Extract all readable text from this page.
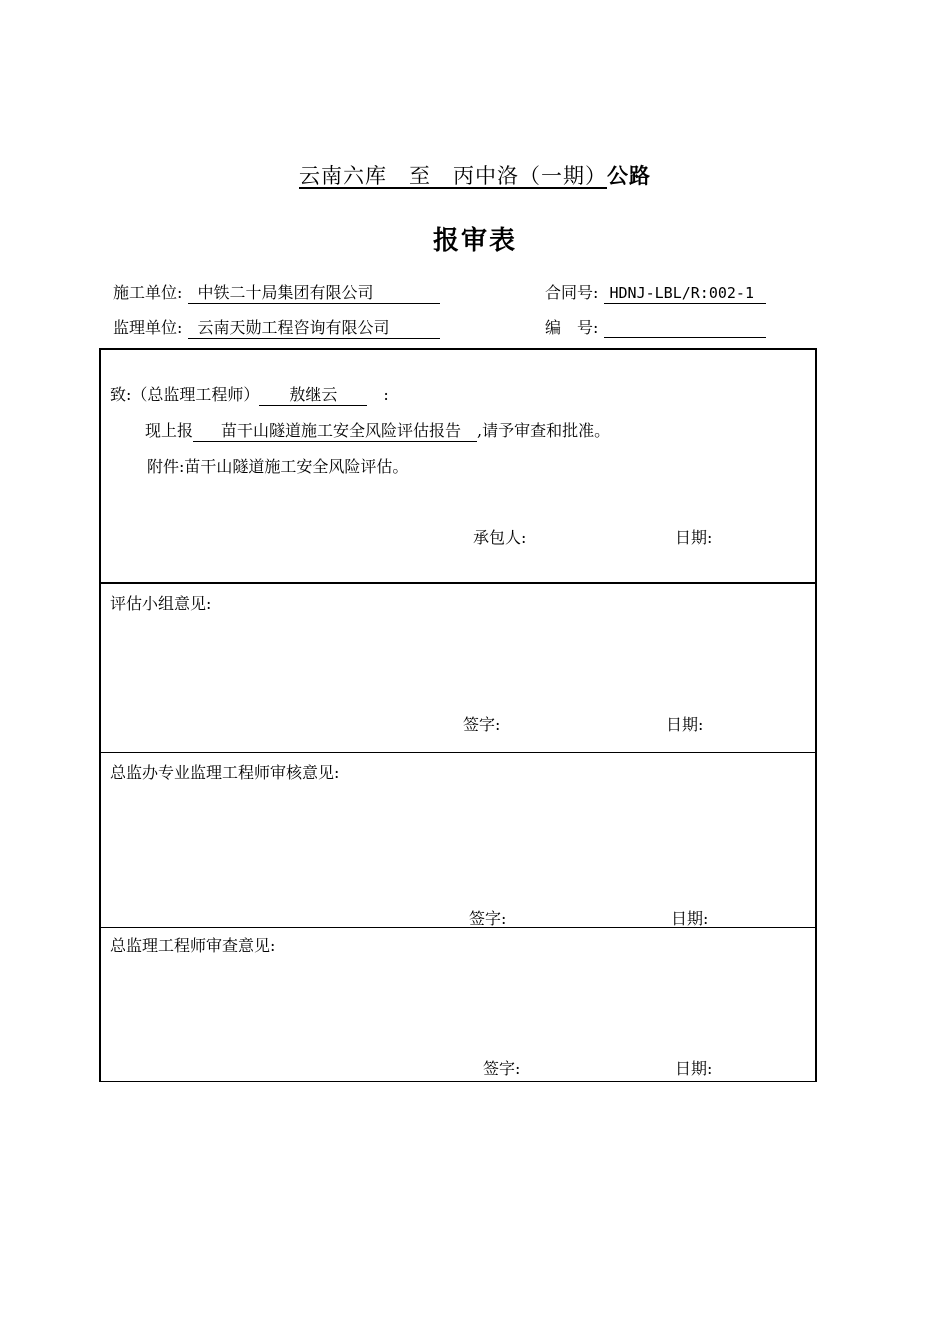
云南六库　 至　 丙中洛（一期）公路
报审表
施工单位: 中铁二十局集团有限公司	合同号: HDNJ-LBL/R:002-1
监理单位: 云南天勋工程咨询有限公司	编　号:
致:（总监理工程师） 敖继云　	:
现上报 苗干山隧道施工安全风险评估报告 ,请予审查和批准。
附件:苗干山隧道施工安全风险评估。
承包人:	日期:
评估小组意见:
签字:	日期:
总监办专业监理工程师审核意见:
签字:	日期:
总监理工程师审查意见:
签字:	日期:
